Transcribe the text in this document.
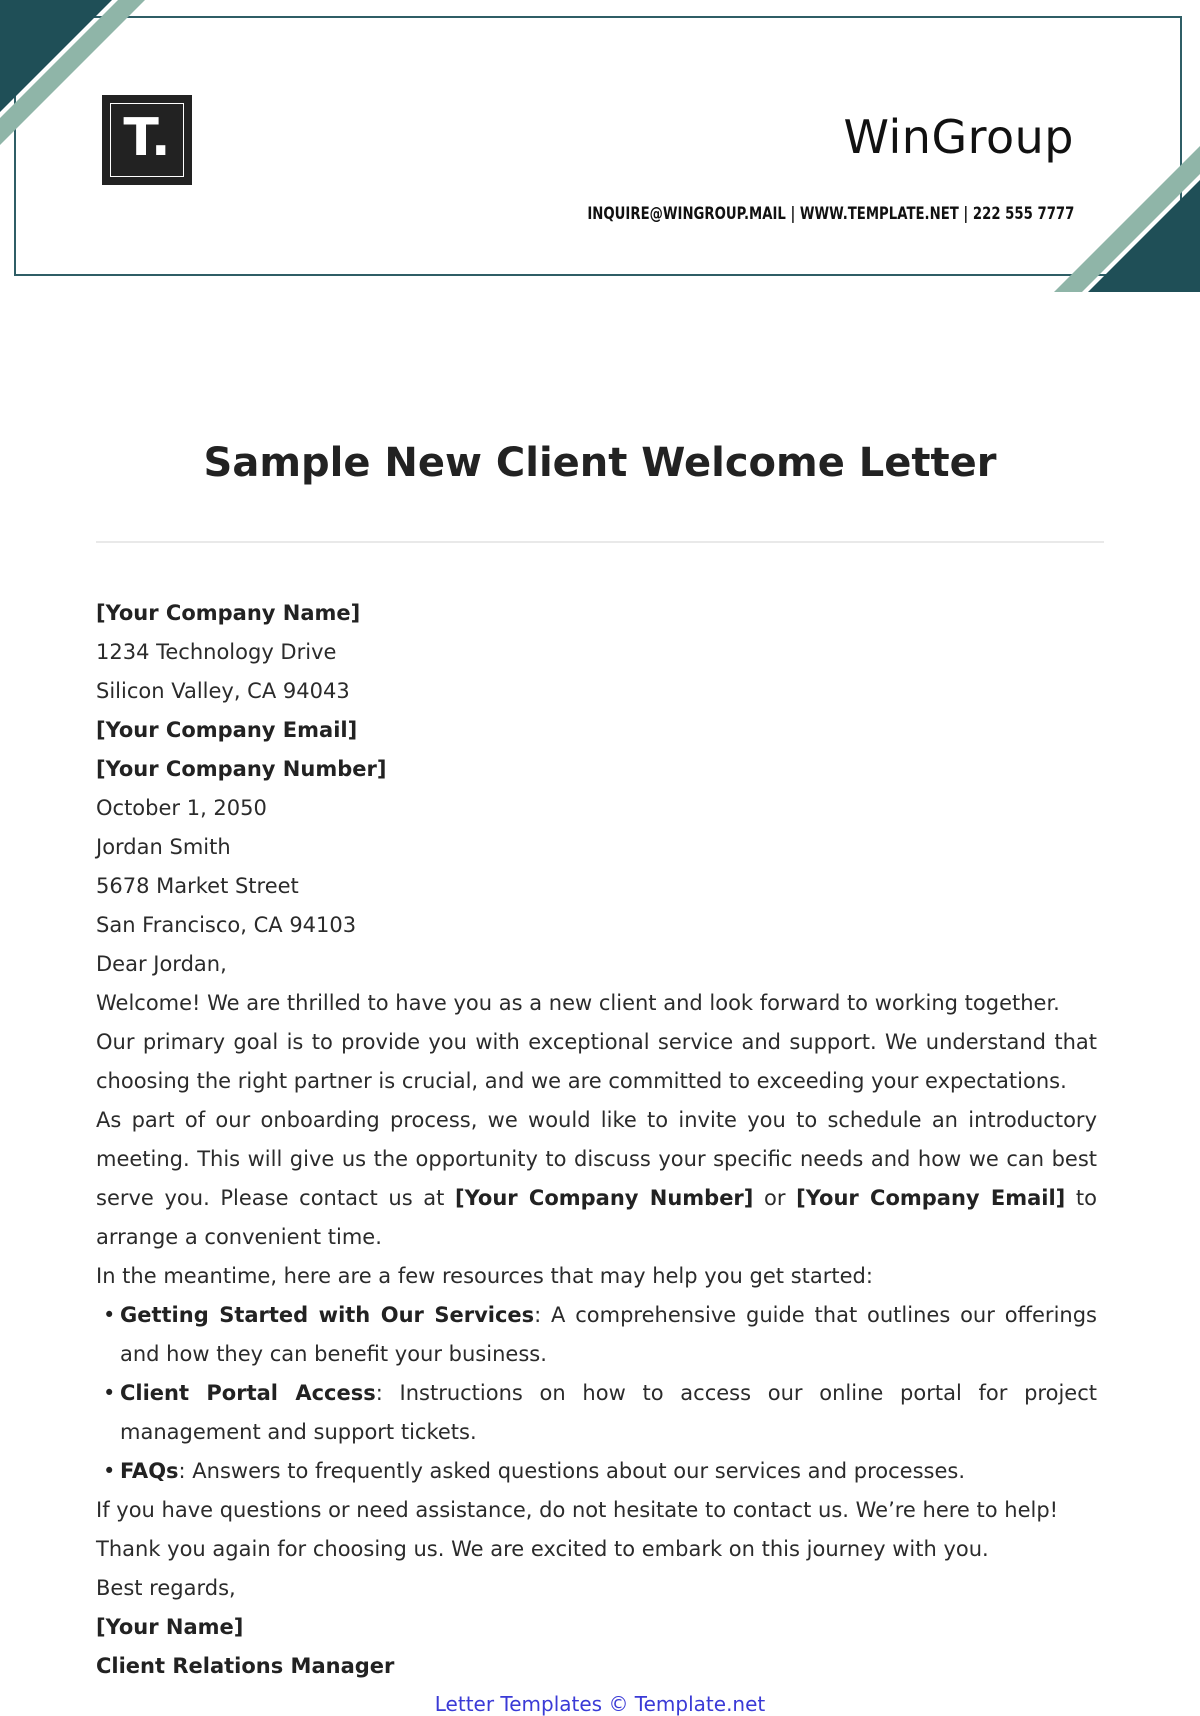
T.	WinGroup
INQUIRE@WINGROUP.MAIL | WWW.TEMPLATE.NET | 222 555 7777
Sample New Client Welcome Letter

[Your Company Name]

1234 Technology Drive

Silicon Valley, CA 94043

[Your Company Email]

[Your Company Number]

October 1, 2050

Jordan Smith

5678 Market Street

San Francisco, CA 94103

Dear Jordan,

Welcome! We are thrilled to have you as a new client and look forward to working together.

Our primary goal is to provide you with exceptional service and support. We understand that choosing the right partner is crucial, and we are committed to exceeding your expectations.

As part of our onboarding process, we would like to invite you to schedule an introductory meeting. This will give us the opportunity to discuss your specific needs and how we can best serve you. Please contact us at [Your Company Number] or [Your Company Email] to arrange a convenient time.

In the meantime, here are a few resources that may help you get started:

• Getting Started with Our Services: A comprehensive guide that outlines our offerings and how they can benefit your business.
• Client Portal Access: Instructions on how to access our online portal for project management and support tickets.
• FAQs: Answers to frequently asked questions about our services and processes.

If you have questions or need assistance, do not hesitate to contact us. We’re here to help!

Thank you again for choosing us. We are excited to embark on this journey with you.

Best regards,

[Your Name]

Client Relations Manager

Letter Templates © Template.net
